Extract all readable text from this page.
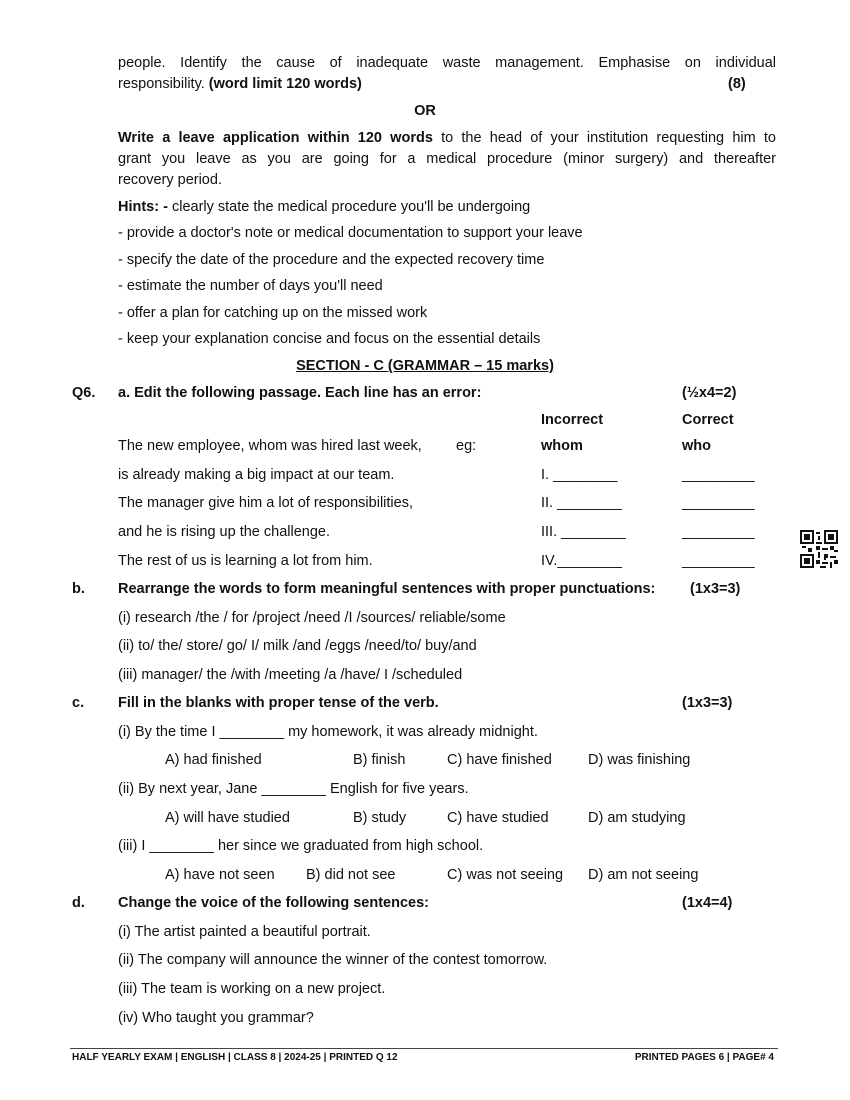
people. Identify the cause of inadequate waste management. Emphasise on individual
responsibility. (word limit 120 words)	(8)
OR
Write a leave application within 120 words to the head of your institution requesting him to
grant you leave as you are going for a medical procedure (minor surgery) and thereafter
recovery period.
Hints: - clearly state the medical procedure you'll be undergoing
- provide a doctor's note or medical documentation to support your leave
- specify the date of the procedure and the expected recovery time
- estimate the number of days you'll need
- offer a plan for catching up on the missed work
- keep your explanation concise and focus on the essential details
SECTION - C (GRAMMAR – 15 marks)
Q6. a. Edit the following passage. Each line has an error:	(½x4=2)
Incorrect	Correct
The new employee, whom was hired last week, eg:	whom	who
is already making a big impact at our team.	I. ________	_________
The manager give him a lot of responsibilities,	II. ________	_________
and he is rising up the challenge.	III. ________	_________
The rest of us is learning a lot from him.	IV.________	_________
b. Rearrange the words to form meaningful sentences with proper punctuations: (1x3=3)
(i) research /the / for /project /need /I /sources/ reliable/some
(ii) to/ the/ store/ go/ I/ milk /and /eggs /need/to/ buy/and
(iii) manager/ the /with /meeting /a /have/ I /scheduled
c. Fill in the blanks with proper tense of the verb.	(1x3=3)
(i) By the time I ________ my homework, it was already midnight.
A) had finished	B) finish	C) have finished D) was finishing
(ii) By next year, Jane ________ English for five years.
A) will have studied	B) study	C) have studied	D) am studying
(iii) I ________ her since we graduated from high school.
A) have not seen B) did not see	C) was not seeing D) am not seeing
d. Change the voice of the following sentences:	(1x4=4)
(i) The artist painted a beautiful portrait.
(ii) The company will announce the winner of the contest tomorrow.
(iii) The team is working on a new project.
(iv) Who taught you grammar?
HALF YEARLY EXAM | ENGLISH | CLASS 8 | 2024-25 | PRINTED Q 12	PRINTED PAGES 6 | PAGE# 4
